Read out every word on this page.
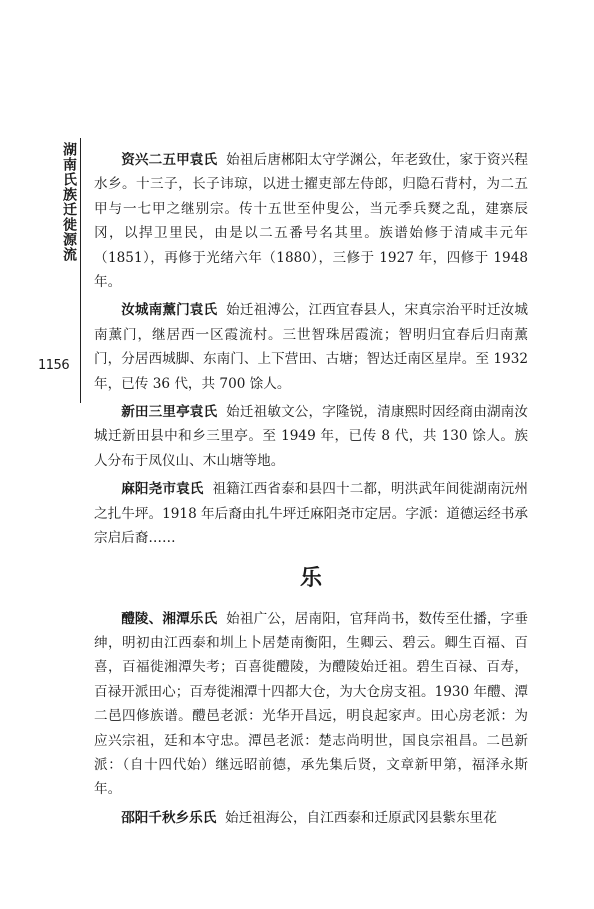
湖南氏族迁徙源流
1156

资兴二五甲袁氏 始祖后唐郴阳太守学渊公，年老致仕，家于资兴程水乡。十三子，长子讳琼，以进士擢吏部左侍郎，归隐石背村，为二五甲与一七甲之继别宗。传十五世至仲叟公，当元季兵燹之乱，建寨辰冈，以捍卫里民，由是以二五番号名其里。族谱始修于清咸丰元年（1851），再修于光绪六年（1880），三修于 1927 年，四修于 1948 年。

汝城南薰门袁氏 始迁祖溥公，江西宜春县人，宋真宗治平时迁汝城南薰门，继居西一区霞流村。三世智珠居霞流；智明归宜春后归南薰门，分居西城脚、东南门、上下营田、古塘；智达迁南区星岸。至 1932 年，已传 36 代，共 700 馀人。

新田三里亭袁氏 始迁祖敏文公，字隆锐，清康熙时因经商由湖南汝城迁新田县中和乡三里亭。至 1949 年，已传 8 代，共 130 馀人。族人分布于凤仪山、木山塘等地。

麻阳尧市袁氏 祖籍江西省泰和县四十二都，明洪武年间徙湖南沅州之扎牛坪。1918 年后裔由扎牛坪迁麻阳尧市定居。字派：道德运经书承宗启后裔……

乐

醴陵、湘潭乐氏 始祖广公，居南阳，官拜尚书，数传至仕播，字垂绅，明初由江西泰和圳上卜居楚南衡阳，生卿云、碧云。卿生百福、百喜，百福徙湘潭失考；百喜徙醴陵，为醴陵始迁祖。碧生百禄、百寿，百禄开派田心；百寿徙湘潭十四都大仓，为大仓房支祖。1930 年醴、潭二邑四修族谱。醴邑老派：光华开昌远，明良起家声。田心房老派：为应兴宗祖，廷和本守忠。潭邑老派：楚志尚明世，国良宗祖昌。二邑新派：（自十四代始）继远昭前德，承先集后贤，文章新甲第，福泽永斯年。

邵阳千秋乡乐氏 始迁祖海公，自江西泰和迁原武冈县紫东里花
